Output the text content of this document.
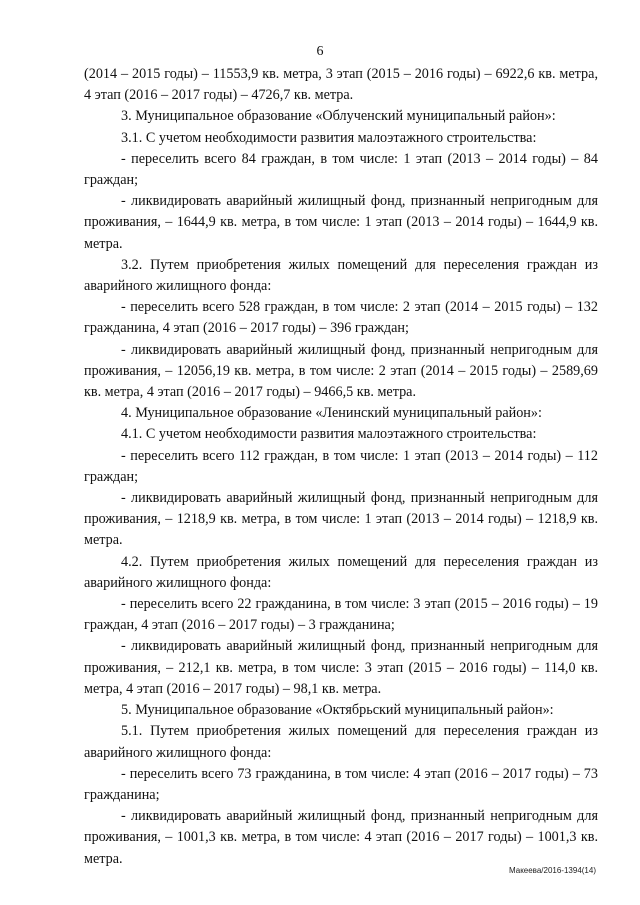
6

(2014 – 2015 годы) – 11553,9 кв. метра, 3 этап (2015 – 2016 годы) – 6922,6 кв. метра, 4 этап (2016 – 2017 годы) – 4726,7 кв. метра.

3. Муниципальное образование «Облученский муниципальный район»:

3.1. С учетом необходимости развития малоэтажного строительства:

- переселить всего 84 граждан, в том числе: 1 этап (2013 – 2014 годы) – 84 граждан;

- ликвидировать аварийный жилищный фонд, признанный непригодным для проживания, – 1644,9 кв. метра, в том числе: 1 этап (2013 – 2014 годы) – 1644,9 кв. метра.

3.2. Путем приобретения жилых помещений для переселения граждан из аварийного жилищного фонда:

- переселить всего 528 граждан, в том числе: 2 этап (2014 – 2015 годы) – 132 гражданина, 4 этап (2016 – 2017 годы) – 396 граждан;

- ликвидировать аварийный жилищный фонд, признанный непригодным для проживания, – 12056,19 кв. метра, в том числе: 2 этап (2014 – 2015 годы) – 2589,69 кв. метра, 4 этап (2016 – 2017 годы) – 9466,5 кв. метра.

4. Муниципальное образование «Ленинский муниципальный район»:

4.1. С учетом необходимости развития малоэтажного строительства:

- переселить всего 112 граждан, в том числе: 1 этап (2013 – 2014 годы) – 112 граждан;

- ликвидировать аварийный жилищный фонд, признанный непригодным для проживания, – 1218,9 кв. метра, в том числе: 1 этап (2013 – 2014 годы) – 1218,9 кв. метра.

4.2. Путем приобретения жилых помещений для переселения граждан из аварийного жилищного фонда:

- переселить всего 22 гражданина, в том числе: 3 этап (2015 – 2016 годы) – 19 граждан, 4 этап (2016 – 2017 годы) – 3 гражданина;

- ликвидировать аварийный жилищный фонд, признанный непригодным для проживания, – 212,1 кв. метра, в том числе: 3 этап (2015 – 2016 годы) – 114,0 кв. метра, 4 этап (2016 – 2017 годы) – 98,1 кв. метра.

5. Муниципальное образование «Октябрьский муниципальный район»:

5.1. Путем приобретения жилых помещений для переселения граждан из аварийного жилищного фонда:

- переселить всего 73 гражданина, в том числе: 4 этап (2016 – 2017 годы) – 73 гражданина;

- ликвидировать аварийный жилищный фонд, признанный непригодным для проживания, – 1001,3 кв. метра, в том числе: 4 этап (2016 – 2017 годы) – 1001,3 кв. метра.

Макеева/2016-1394(14)
